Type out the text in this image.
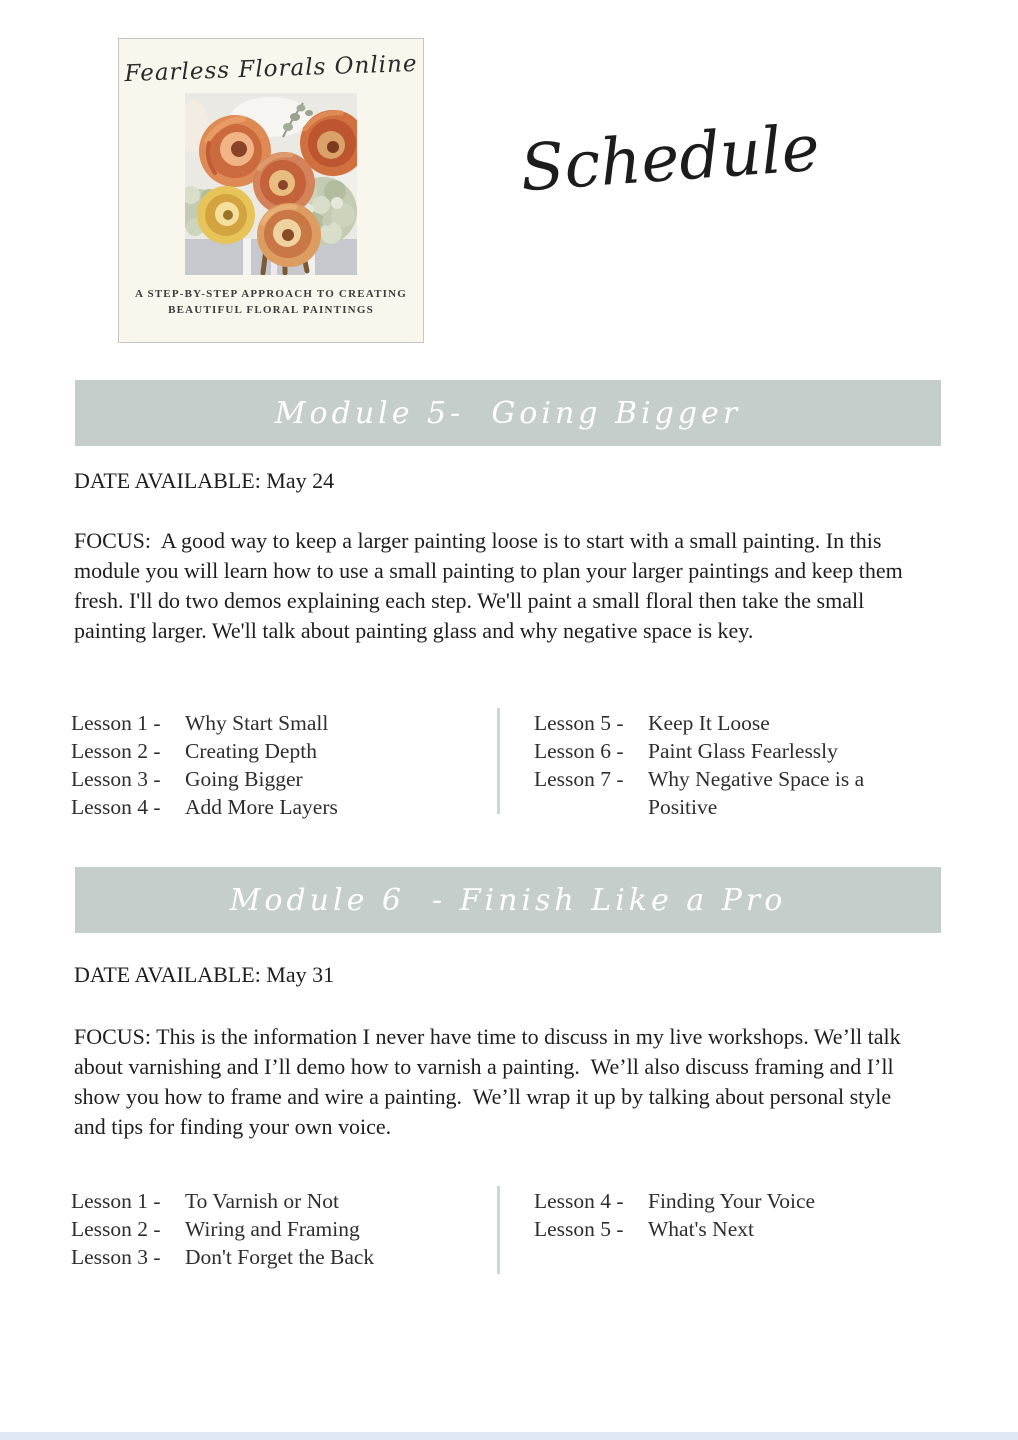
Fearless Florals Online
A STEP-BY-STEP APPROACH TO CREATING
BEAUTIFUL FLORAL PAINTINGS
Schedule
Module 5-  Going Bigger
DATE AVAILABLE: May 24
FOCUS:  A good way to keep a larger painting loose is to start with a small painting. In this module you will learn how to use a small painting to plan your larger paintings and keep them fresh. I'll do two demos explaining each step. We'll paint a small floral then take the small painting larger. We'll talk about painting glass and why negative space is key.
Lesson 1 -	Why Start Small
Lesson 2 -	Creating Depth
Lesson 3 -	Going Bigger
Lesson 4 -	Add More Layers
Lesson 5 -	Keep It Loose
Lesson 6 -	Paint Glass Fearlessly
Lesson 7 -	Why Negative Space is a Positive
Module 6  - Finish Like a Pro
DATE AVAILABLE: May 31
FOCUS: This is the information I never have time to discuss in my live workshops. We’ll talk about varnishing and I’ll demo how to varnish a painting.  We’ll also discuss framing and I’ll show you how to frame and wire a painting.  We’ll wrap it up by talking about personal style and tips for finding your own voice.
Lesson 1 -	To Varnish or Not
Lesson 2 -	Wiring and Framing
Lesson 3 -	Don't Forget the Back
Lesson 4 -	Finding Your Voice
Lesson 5 -	What's Next
